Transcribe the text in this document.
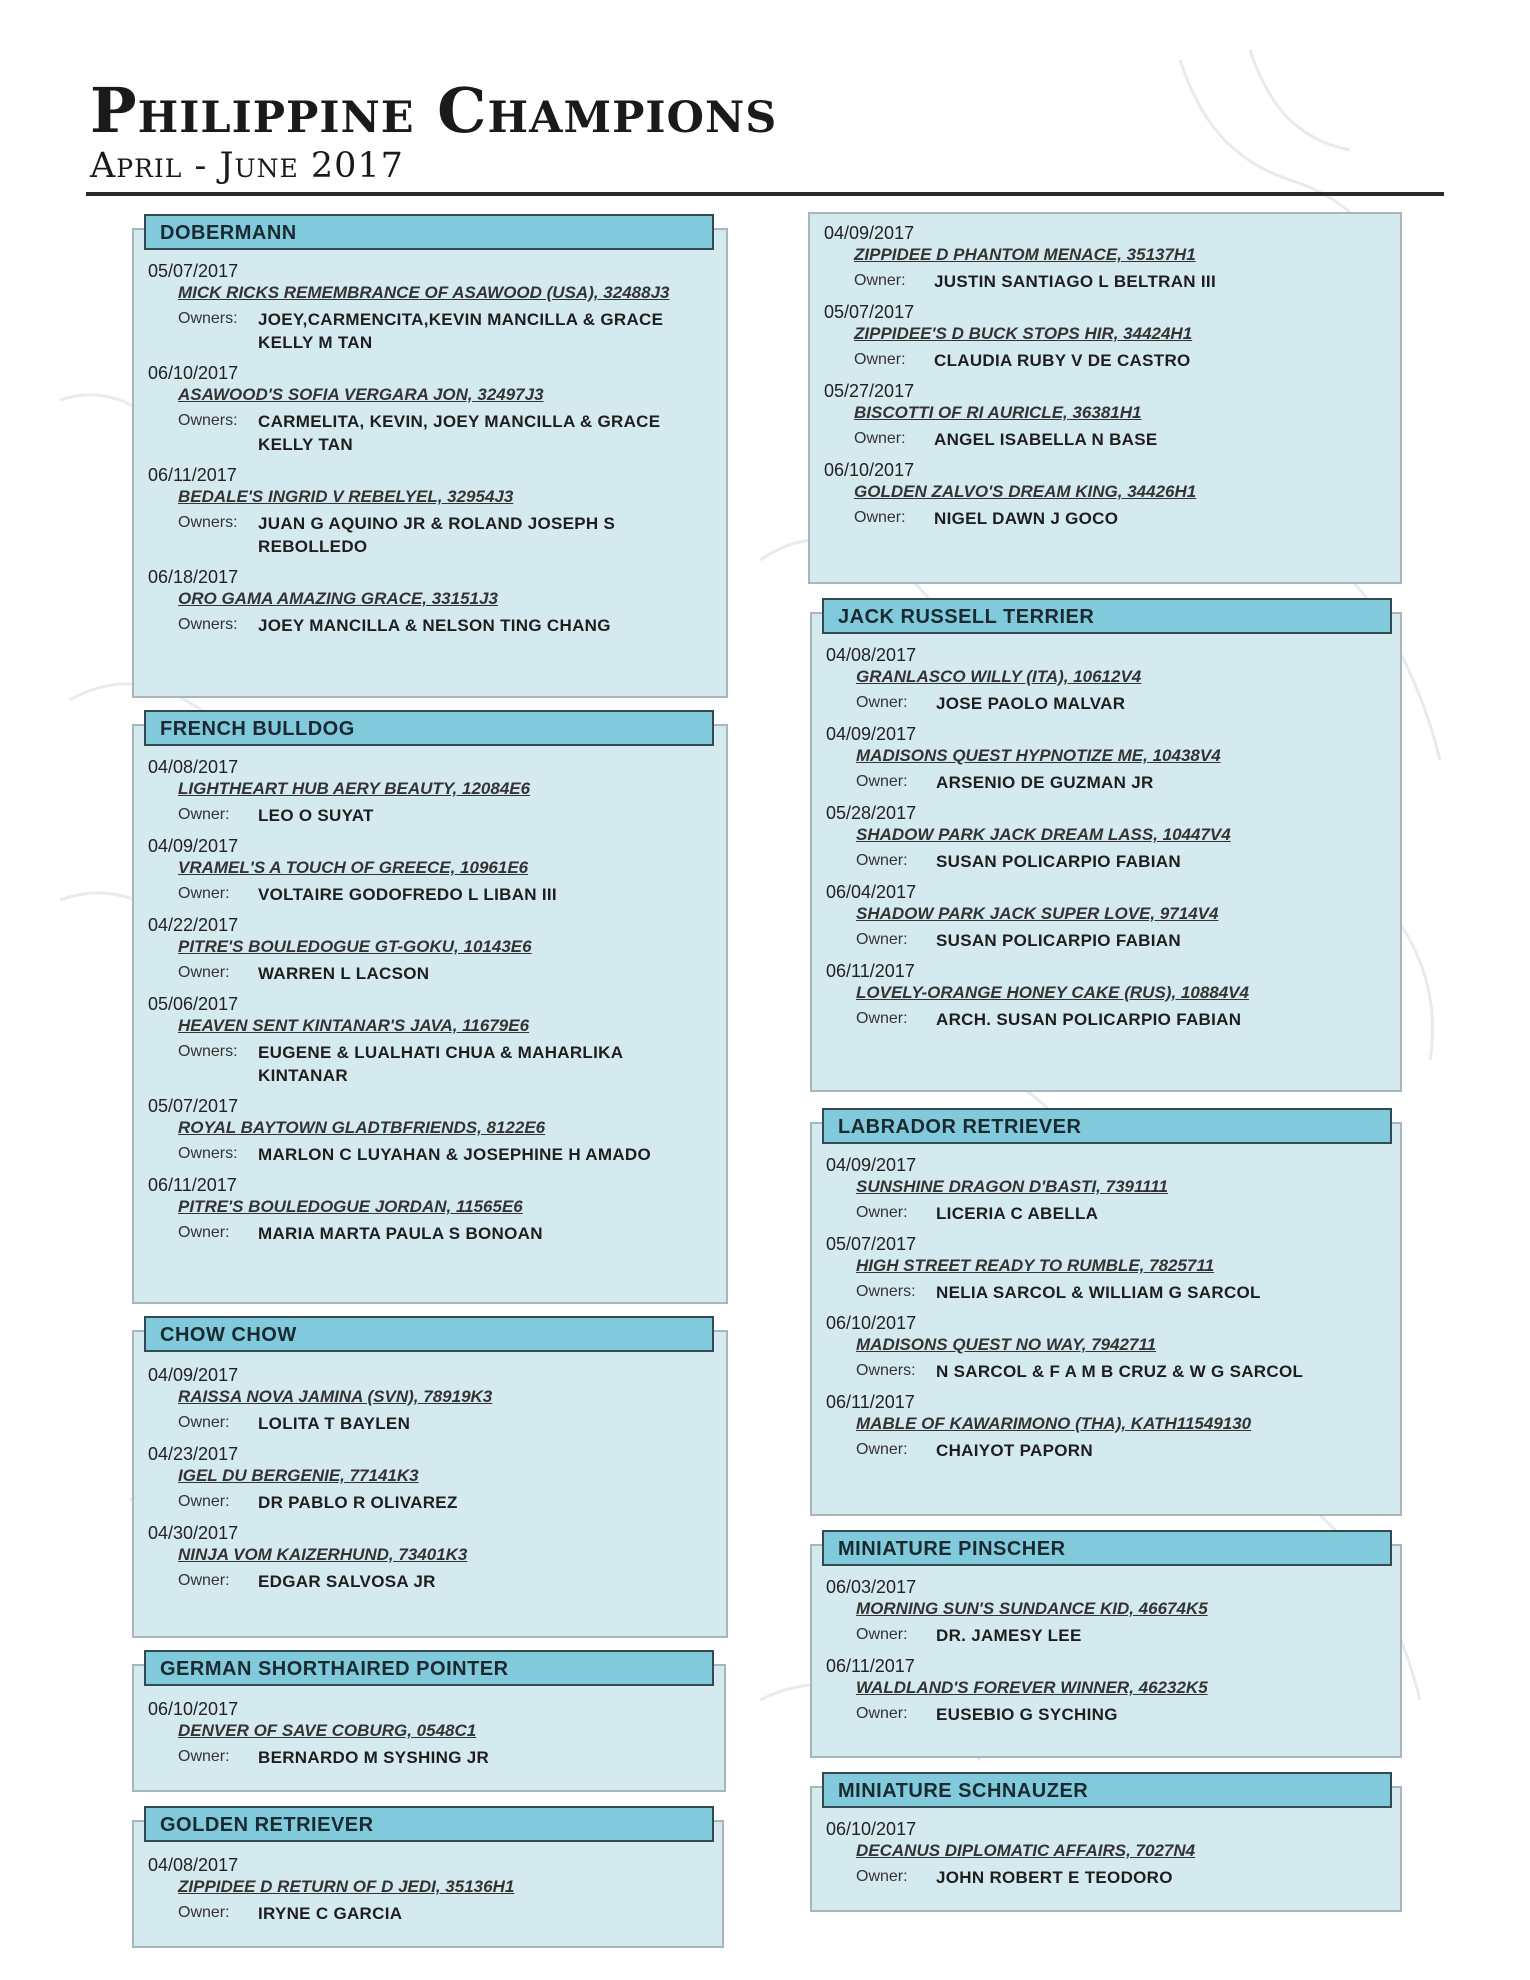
Philippine Champions
April - June 2017
DOBERMANN
05/07/2017
MICK RICKS REMEMBRANCE OF ASAWOOD (USA), 32488J3
Owners:	JOEY,CARMENCITA,KEVIN MANCILLA & GRACE KELLY M TAN
06/10/2017
ASAWOOD'S SOFIA VERGARA JON, 32497J3
Owners:	CARMELITA, KEVIN, JOEY MANCILLA & GRACE KELLY TAN
06/11/2017
BEDALE'S INGRID V REBELYEL, 32954J3
Owners:	JUAN G AQUINO JR & ROLAND JOSEPH S REBOLLEDO
06/18/2017
ORO GAMA AMAZING GRACE, 33151J3
Owners:	JOEY MANCILLA & NELSON TING CHANG
FRENCH BULLDOG
04/08/2017
LIGHTHEART HUB AERY BEAUTY, 12084E6
Owner:	LEO O SUYAT
04/09/2017
VRAMEL'S A TOUCH OF GREECE, 10961E6
Owner:	VOLTAIRE GODOFREDO L LIBAN III
04/22/2017
PITRE'S BOULEDOGUE GT-GOKU, 10143E6
Owner:	WARREN L LACSON
05/06/2017
HEAVEN SENT KINTANAR'S JAVA, 11679E6
Owners:	EUGENE & LUALHATI CHUA & MAHARLIKA KINTANAR
05/07/2017
ROYAL BAYTOWN GLADTBFRIENDS, 8122E6
Owners:	MARLON C LUYAHAN & JOSEPHINE H AMADO
06/11/2017
PITRE'S BOULEDOGUE JORDAN, 11565E6
Owner:	MARIA MARTA PAULA S BONOAN
CHOW CHOW
04/09/2017
RAISSA NOVA JAMINA (SVN), 78919K3
Owner:	LOLITA T BAYLEN
04/23/2017
IGEL DU BERGENIE, 77141K3
Owner:	DR PABLO R OLIVAREZ
04/30/2017
NINJA VOM KAIZERHUND, 73401K3
Owner:	EDGAR SALVOSA JR
GERMAN SHORTHAIRED POINTER
06/10/2017
DENVER OF SAVE COBURG, 0548C1
Owner:	BERNARDO M SYSHING JR
GOLDEN RETRIEVER
04/08/2017
ZIPPIDEE D RETURN OF D JEDI, 35136H1
Owner:	IRYNE C GARCIA
04/09/2017
ZIPPIDEE D PHANTOM MENACE, 35137H1
Owner:	JUSTIN SANTIAGO L BELTRAN III
05/07/2017
ZIPPIDEE'S D BUCK STOPS HIR, 34424H1
Owner:	CLAUDIA RUBY V DE CASTRO
05/27/2017
BISCOTTI OF RI AURICLE, 36381H1
Owner:	ANGEL ISABELLA N BASE
06/10/2017
GOLDEN ZALVO'S DREAM KING, 34426H1
Owner:	NIGEL DAWN J GOCO
JACK RUSSELL TERRIER
04/08/2017
GRANLASCO WILLY (ITA), 10612V4
Owner:	JOSE PAOLO MALVAR
04/09/2017
MADISONS QUEST HYPNOTIZE ME, 10438V4
Owner:	ARSENIO DE GUZMAN JR
05/28/2017
SHADOW PARK JACK DREAM LASS, 10447V4
Owner:	SUSAN POLICARPIO FABIAN
06/04/2017
SHADOW PARK JACK SUPER LOVE, 9714V4
Owner:	SUSAN POLICARPIO FABIAN
06/11/2017
LOVELY-ORANGE HONEY CAKE (RUS), 10884V4
Owner:	ARCH. SUSAN POLICARPIO FABIAN
LABRADOR RETRIEVER
04/09/2017
SUNSHINE DRAGON D'BASTI, 7391111
Owner:	LICERIA C ABELLA
05/07/2017
HIGH STREET READY TO RUMBLE, 7825711
Owners:	NELIA SARCOL & WILLIAM G SARCOL
06/10/2017
MADISONS QUEST NO WAY, 7942711
Owners:	N SARCOL & F A M B CRUZ & W G SARCOL
06/11/2017
MABLE OF KAWARIMONO (THA), KATH11549130
Owner:	CHAIYOT PAPORN
MINIATURE PINSCHER
06/03/2017
MORNING SUN'S SUNDANCE KID, 46674K5
Owner:	DR. JAMESY LEE
06/11/2017
WALDLAND'S FOREVER WINNER, 46232K5
Owner:	EUSEBIO G SYCHING
MINIATURE SCHNAUZER
06/10/2017
DECANUS DIPLOMATIC AFFAIRS, 7027N4
Owner:	JOHN ROBERT E TEODORO
